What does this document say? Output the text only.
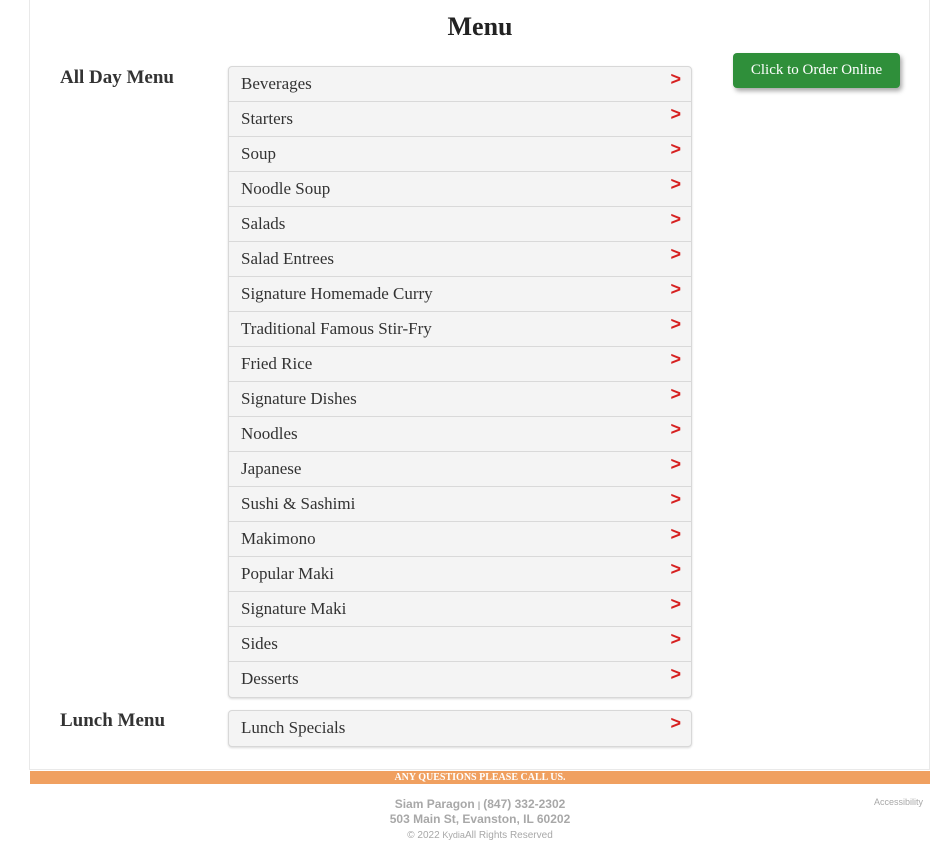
Menu
All Day Menu	Beverages	>
Starters	>
Soup	>
Noodle Soup	>
Salads	>
Salad Entrees	>
Signature Homemade Curry	>
Traditional Famous Stir-Fry	>
Fried Rice	>
Signature Dishes	>
Noodles	>
Japanese	>
Sushi & Sashimi	>
Makimono	>
Popular Maki	>
Signature Maki	>
Sides	>
Desserts	>
Lunch Menu	Lunch Specials	>
Click to Order Online
ANY QUESTIONS PLEASE CALL US.
Siam Paragon | (847) 332-2302
503 Main St, Evanston, IL 60202
© 2022 KydiaAll Rights Reserved
Accessibility
